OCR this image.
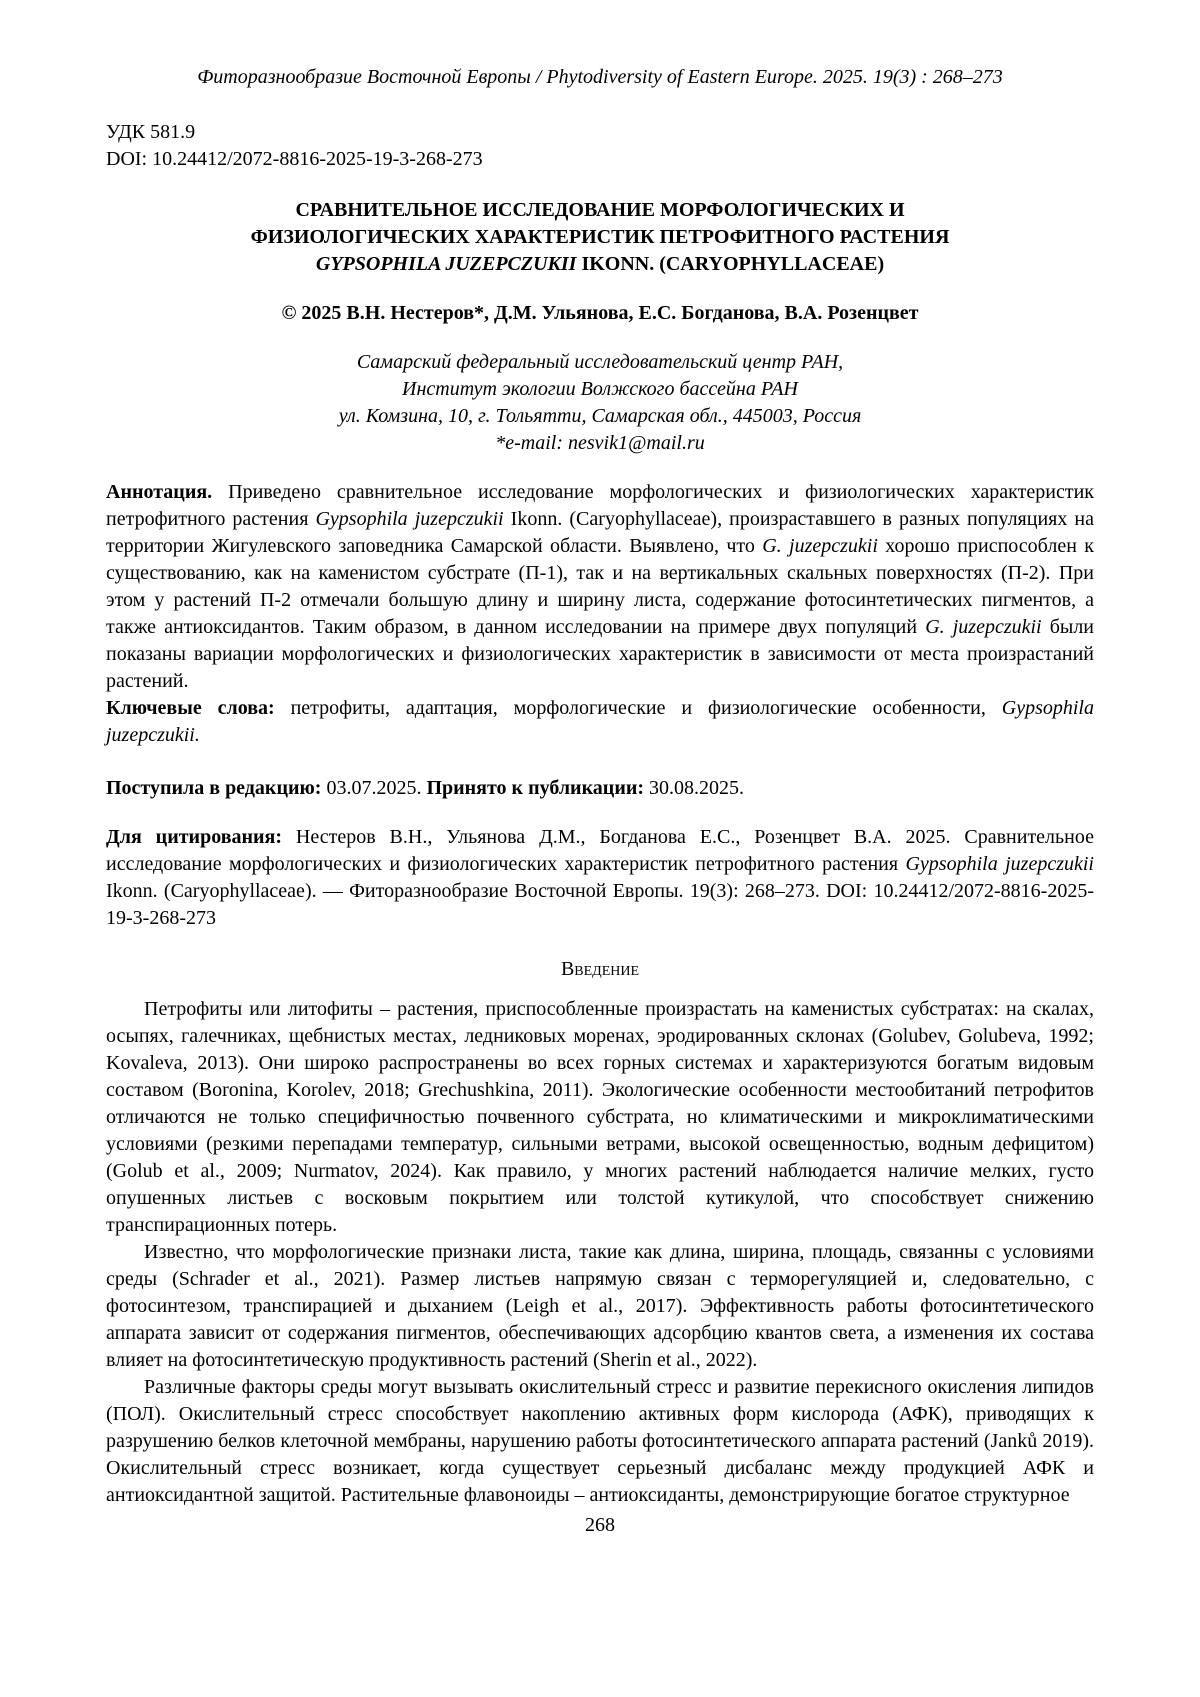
Фиторазнообразие Восточной Европы / Phytodiversity of Eastern Europe. 2025. 19(3) : 268–273
УДК 581.9
DOI: 10.24412/2072-8816-2025-19-3-268-273
СРАВНИТЕЛЬНОЕ ИССЛЕДОВАНИЕ МОРФОЛОГИЧЕСКИХ И
ФИЗИОЛОГИЧЕСКИХ ХАРАКТЕРИСТИК ПЕТРОФИТНОГО РАСТЕНИЯ
GYPSOPHILA JUZEPCZUKII IKONN. (CARYOPHYLLACEAE)
© 2025 В.Н. Нестеров*, Д.М. Ульянова, Е.С. Богданова, В.А. Розенцвет
Самарский федеральный исследовательский центр РАН,
Институт экологии Волжского бассейна РАН
ул. Комзина, 10, г. Тольятти, Самарская обл., 445003, Россия
*e-mail: nesvik1@mail.ru

Аннотация. Приведено сравнительное исследование морфологических и физиологических характеристик петрофитного растения Gypsophila juzepczukii Ikonn. (Caryophyllaceae), произраставшего в разных популяциях на территории Жигулевского заповедника Самарской области. Выявлено, что G. juzepczukii хорошо приспособлен к существованию, как на каменистом субстрате (П-1), так и на вертикальных скальных поверхностях (П-2). При этом у растений П-2 отмечали большую длину и ширину листа, содержание фотосинтетических пигментов, а также антиоксидантов. Таким образом, в данном исследовании на примере двух популяций G. juzepczukii были показаны вариации морфологических и физиологических характеристик в зависимости от места произрастаний растений.

Ключевые слова: петрофиты, адаптация, морфологические и физиологические особенности, Gypsophila juzepczukii.

Поступила в редакцию: 03.07.2025. Принято к публикации: 30.08.2025.

Для цитирования: Нестеров В.Н., Ульянова Д.М., Богданова Е.С., Розенцвет В.А. 2025. Сравнительное исследование морфологических и физиологических характеристик петрофитного растения Gypsophila juzepczukii Ikonn. (Caryophyllaceae). — Фиторазнообразие Восточной Европы. 19(3): 268–273. DOI: 10.24412/2072-8816-2025-19-3-268-273

Введение

Петрофиты или литофиты – растения, приспособленные произрастать на каменистых субстратах: на скалах, осыпях, галечниках, щебнистых местах, ледниковых моренах, эродированных склонах (Golubev, Golubeva, 1992; Kovaleva, 2013). Они широко распространены во всех горных системах и характеризуются богатым видовым составом (Boronina, Korolev, 2018; Grechushkina, 2011). Экологические особенности местообитаний петрофитов отличаются не только специфичностью почвенного субстрата, но климатическими и микроклиматическими условиями (резкими перепадами температур, сильными ветрами, высокой освещенностью, водным дефицитом) (Golub et al., 2009; Nurmatov, 2024). Как правило, у многих растений наблюдается наличие мелких, густо опушенных листьев с восковым покрытием или толстой кутикулой, что способствует снижению транспирационных потерь.

Известно, что морфологические признаки листа, такие как длина, ширина, площадь, связанны с условиями среды (Schrader et al., 2021). Размер листьев напрямую связан с терморегуляцией и, следовательно, с фотосинтезом, транспирацией и дыханием (Leigh et al., 2017). Эффективность работы фотосинтетического аппарата зависит от содержания пигментов, обеспечивающих адсорбцию квантов света, а изменения их состава влияет на фотосинтетическую продуктивность растений (Sherin et al., 2022).

Различные факторы среды могут вызывать окислительный стресс и развитие перекисного окисления липидов (ПОЛ). Окислительный стресс способствует накоплению активных форм кислорода (АФК), приводящих к разрушению белков клеточной мембраны, нарушению работы фотосинтетического аппарата растений (Janků 2019). Окислительный стресс возникает, когда существует серьезный дисбаланс между продукцией АФК и антиоксидантной защитой. Растительные флавоноиды – антиоксиданты, демонстрирующие богатое структурное

268
